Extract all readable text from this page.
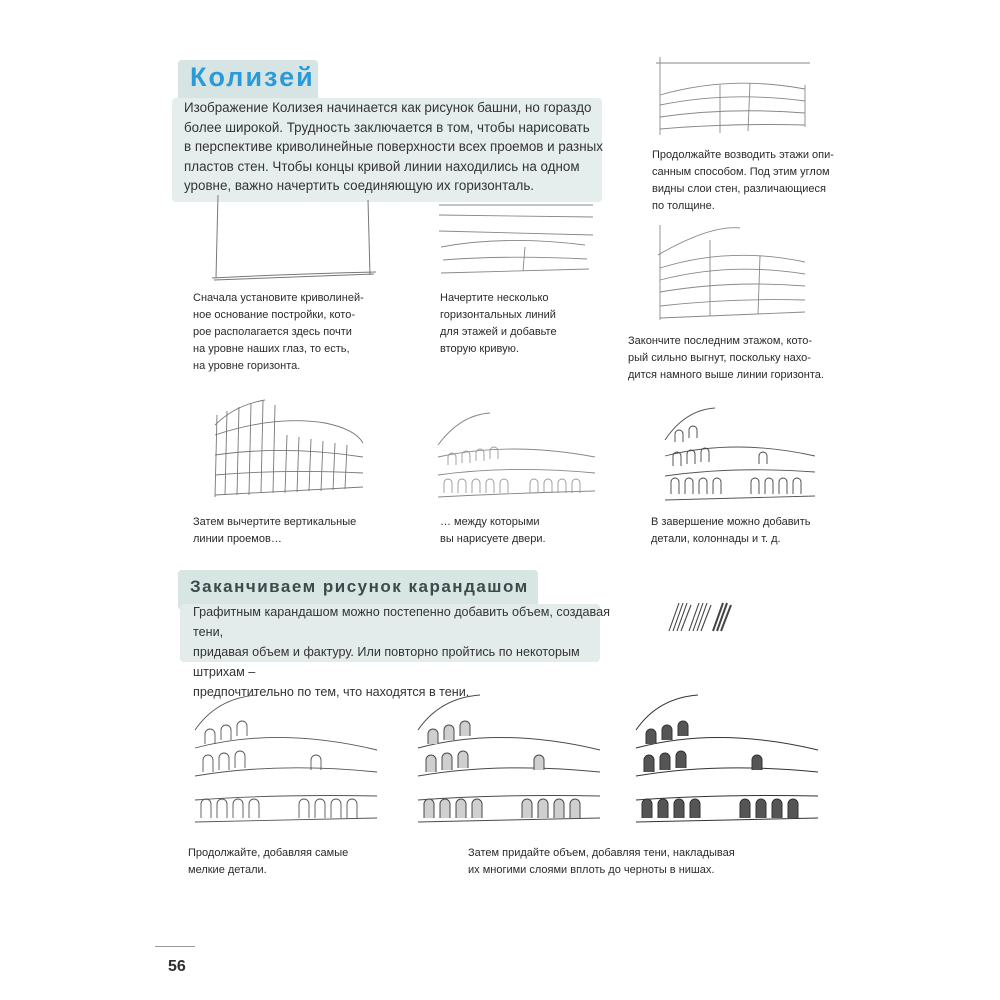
Колизей
Изображение Колизея начинается как рисунок башни, но гораздо
более широкой. Трудность заключается в том, чтобы нарисовать
в перспективе криволинейные поверхности всех проемов и разных
пластов стен. Чтобы концы кривой линии находились на одном
уровне, важно начертить соединяющую их горизонталь.
Сначала установите криволиней-
ное основание постройки, кото-
рое располагается здесь почти
на уровне наших глаз, то есть,
на уровне горизонта.
Начертите несколько
горизонтальных линий
для этажей и добавьте
вторую кривую.
Продолжайте возводить этажи опи-
санным способом. Под этим углом
видны слои стен, различающиеся
по толщине.
Закончите последним этажом, кото-
рый сильно выгнут, поскольку нахо-
дится намного выше линии горизонта.
Затем вычертите вертикальные
линии проемов…
… между которыми
вы нарисуете двери.
В завершение можно добавить
детали, колоннады и т. д.
Заканчиваем рисунок карандашом
Графитным карандашом можно постепенно добавить объем, создавая тени,
придавая объем и фактуру. Или повторно пройтись по некоторым штрихам –
предпочтительно по тем, что находятся в тени.
Продолжайте, добавляя самые
мелкие детали.
Затем придайте объем, добавляя тени, накладывая
их многими слоями вплоть до черноты в нишах.
56
